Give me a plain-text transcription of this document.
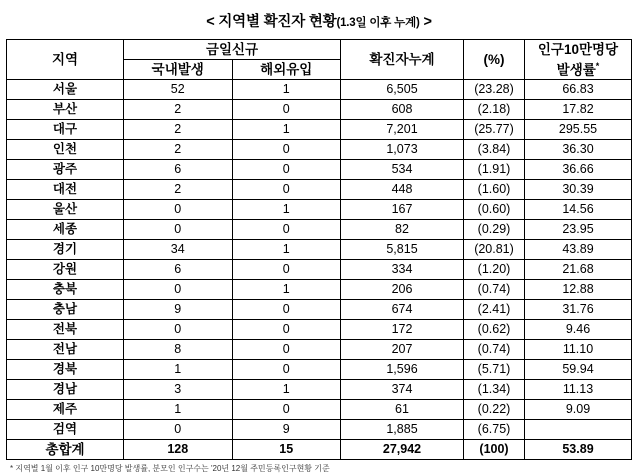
< 지역별 확진자 현황(1.3일 이후 누계) >
지역	금일신규		확진자누계	(%)	인구10만명당
발생률*

	국내발생	해외유입			
서울	52	1	6,505	(23.28)	66.83
부산	2	0	608	(2.18)	17.82
대구	2	1	7,201	(25.77)	295.55
인천	2	0	1,073	(3.84)	36.30
광주	6	0	534	(1.91)	36.66
대전	2	0	448	(1.60)	30.39
울산	0	1	167	(0.60)	14.56
세종	0	0	82	(0.29)	23.95
경기	34	1	5,815	(20.81)	43.89
강원	6	0	334	(1.20)	21.68
충북	0	1	206	(0.74)	12.88
충남	9	0	674	(2.41)	31.76
전북	0	0	172	(0.62)	9.46
전남	8	0	207	(0.74)	11.10
경북	1	0	1,596	(5.71)	59.94
경남	3	1	374	(1.34)	11.13
제주	1	0	61	(0.22)	9.09
검역	0	9	1,885	(6.75)	
총합계	128	15	27,942	(100)	53.89
* 지역별 1월 이후 인구 10만명당 발생률, 분모인 인구수는 '20년 12월 주민등록인구현황 기준
